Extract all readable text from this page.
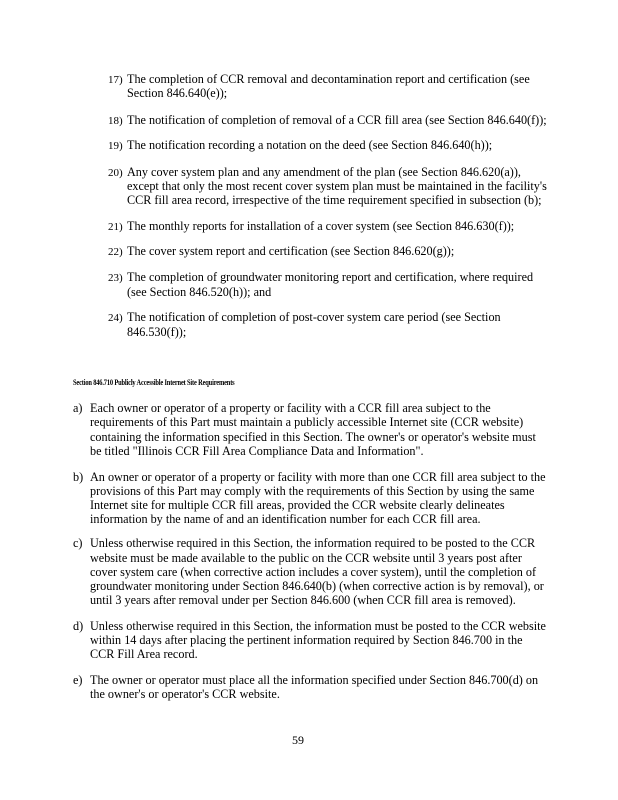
17) The completion of CCR removal and decontamination report and certification (see
Section 846.640(e));
18) The notification of completion of removal of a CCR fill area (see Section 846.640(f));
19) The notification recording a notation on the deed (see Section 846.640(h));
20) Any cover system plan and any amendment of the plan (see Section 846.620(a)),
except that only the most recent cover system plan must be maintained in the facility's
CCR fill area record, irrespective of the time requirement specified in subsection (b);
21) The monthly reports for installation of a cover system (see Section 846.630(f));
22) The cover system report and certification (see Section 846.620(g));
23) The completion of groundwater monitoring report and certification, where required
(see Section 846.520(h)); and
24) The notification of completion of post-cover system care period (see Section
846.530(f));
Section 846.710 Publicly Accessible Internet Site Requirements
a) Each owner or operator of a property or facility with a CCR fill area subject to the
requirements of this Part must maintain a publicly accessible Internet site (CCR website)
containing the information specified in this Section. The owner's or operator's website must
be titled "Illinois CCR Fill Area Compliance Data and Information".
b) An owner or operator of a property or facility with more than one CCR fill area subject to the
provisions of this Part may comply with the requirements of this Section by using the same
Internet site for multiple CCR fill areas, provided the CCR website clearly delineates
information by the name of and an identification number for each CCR fill area.
c) Unless otherwise required in this Section, the information required to be posted to the CCR
website must be made available to the public on the CCR website until 3 years post after
cover system care (when corrective action includes a cover system), until the completion of
groundwater monitoring under Section 846.640(b) (when corrective action is by removal), or
until 3 years after removal under per Section 846.600 (when CCR fill area is removed).
d) Unless otherwise required in this Section, the information must be posted to the CCR website
within 14 days after placing the pertinent information required by Section 846.700 in the
CCR Fill Area record.
e) The owner or operator must place all the information specified under Section 846.700(d) on
the owner's or operator's CCR website.
59
